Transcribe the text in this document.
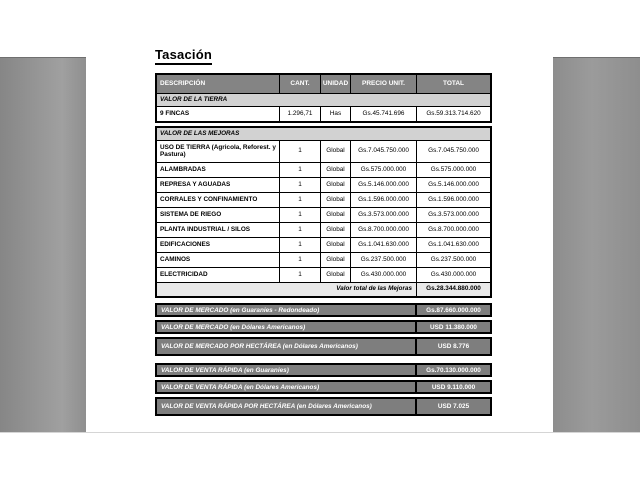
Tasación
DESCRIPCIÓN	CANT.	UNIDAD	PRECIO UNIT.	TOTAL
VALOR DE LA TIERRA
9 FINCAS	1.296,71	Has	Gs.45.741.696	Gs.59.313.714.620
VALOR DE LAS MEJORAS
USO DE TIERRA (Agricola, Reforest. y Pastura)	1	Global	Gs.7.045.750.000	Gs.7.045.750.000
ALAMBRADAS	1	Global	Gs.575.000.000	Gs.575.000.000
REPRESA Y AGUADAS	1	Global	Gs.5.146.000.000	Gs.5.146.000.000
CORRALES Y CONFINAMIENTO	1	Global	Gs.1.596.000.000	Gs.1.596.000.000
SISTEMA DE RIEGO	1	Global	Gs.3.573.000.000	Gs.3.573.000.000
PLANTA INDUSTRIAL / SILOS	1	Global	Gs.8.700.000.000	Gs.8.700.000.000
EDIFICACIONES	1	Global	Gs.1.041.630.000	Gs.1.041.630.000
CAMINOS	1	Global	Gs.237.500.000	Gs.237.500.000
ELECTRICIDAD	1	Global	Gs.430.000.000	Gs.430.000.000
Valor total de las Mejoras	Gs.28.344.880.000
VALOR DE MERCADO (en Guaranies - Redondeado)	Gs.87.660.000.000
VALOR DE MERCADO (en Dólares Americanos)	USD 11.380.000
VALOR DE MERCADO POR HECTÁREA (en Dólares Americanos)	USD 8.776
VALOR DE VENTA RÁPIDA (en Guaranies)	Gs.70.130.000.000
VALOR DE VENTA RÁPIDA (en Dólares Americanos)	USD 9.110.000
VALOR DE VENTA RÁPIDA POR HECTÁREA (en Dólares Americanos)	USD 7.025
